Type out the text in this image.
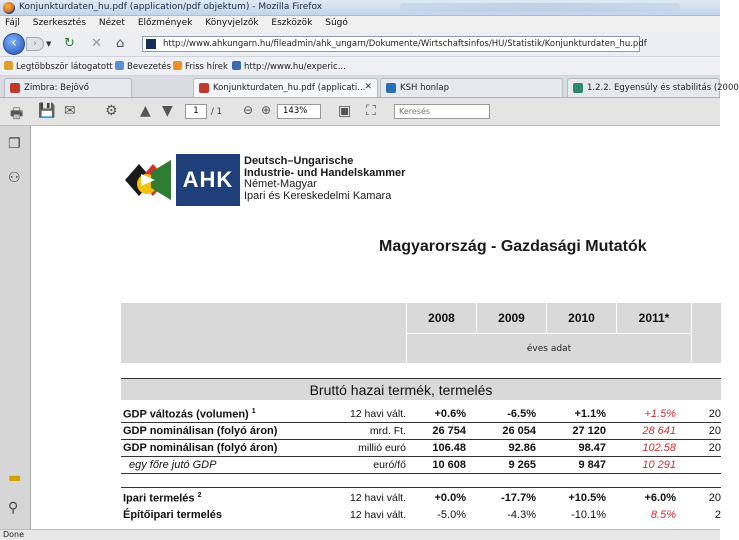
Konjunkturdaten_hu.pdf (application/pdf objektum) - Mozilla Firefox
Fájl Szerkesztés Nézet Előzmények Könyvjelzők Eszközök Súgó
‹	›	▼ ↻ ✕ ⌂	http://www.ahkungarn.hu/fileadmin/ahk_ungarn/Dokumente/Wirtschaftsinfos/HU/Statistik/Konjunkturdaten_hu.pdf
Legtöbbször látogatott	Bevezetés	Friss hírek	http://www.hu/experic...
Zimbra: Bejövő	Konjunkturdaten_hu.pdf (applicati... ✕	KSH honlap	1.2.2. Egyensúly és stabilitás (2000
🖶 💾 ✉ ⚙ ▲ ▼	1	/ 1 ⊖ ⊕	143%	▣ ⛶	Keresés
❐
⚇
▬
⚲
AHK
Deutsch–Ungarische
Industrie- und Handelskammer
Német-Magyar
Ipari és Kereskedelmi Kamara
Magyarország - Gazdasági Mutatók
2008	2009	2010	2011*
éves adat
Bruttó hazai termék, termelés
GDP változás (volumen) $^1$	12 havi vált.	+0.6%	-6.5%	+1.1%	+1.5%	20
GDP nominálisan (folyó áron)	mrd. Ft.	26 754	26 054	27 120	28 641	20
GDP nominálisan (folyó áron)	millió euró	106.48	92.86	98.47	102.58	20
egy főre jutó GDP	euró/fő	10 608	9 265	9 847	10 291
Ipari termelés $^2$	12 havi vált.	+0.0%	-17.7%	+10.5%	+6.0%	20
Építőipari termelés	12 havi vált.	-5.0%	-4.3%	-10.1%	8.5%	2
Done
